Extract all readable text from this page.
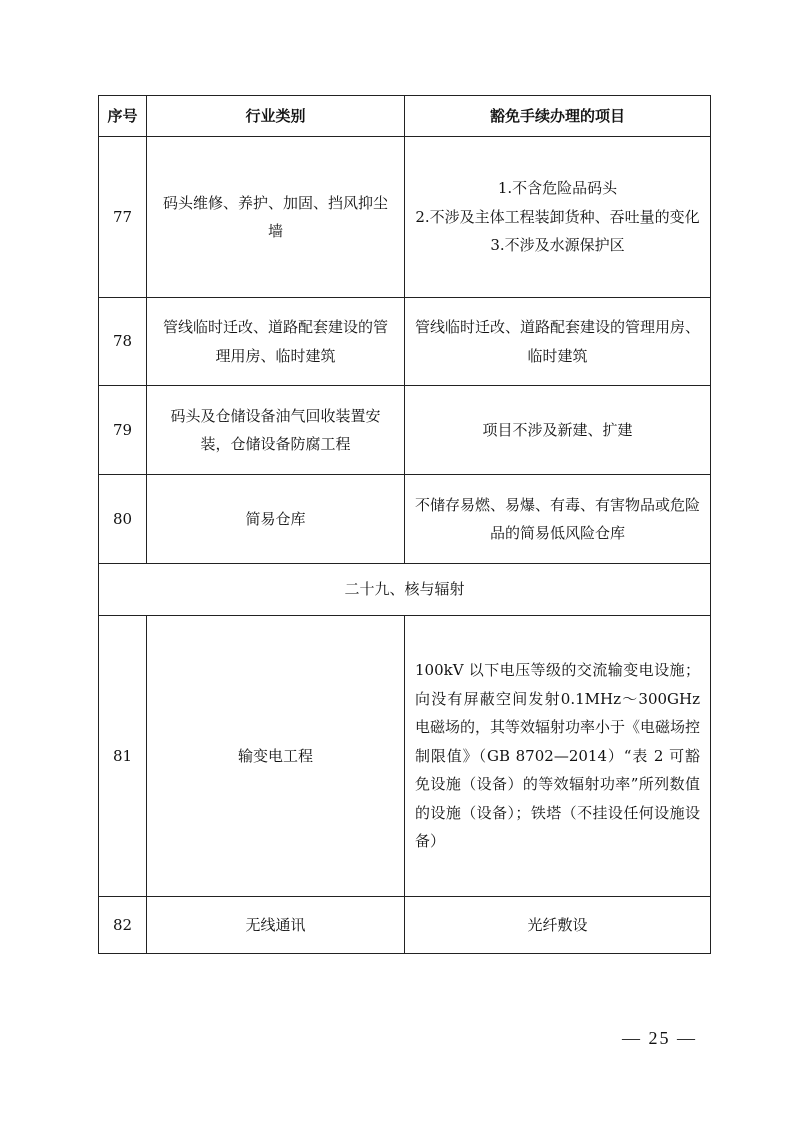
序号	行业类别	豁免手续办理的项目
77	码头维修、养护、加固、挡风抑尘墙	1.不含危险品码头
2.不涉及主体工程装卸货种、吞吐量的变化
3.不涉及水源保护区

78	管线临时迁改、道路配套建设的管理用房、临时建筑	管线临时迁改、道路配套建设的管理用房、临时建筑

79	码头及仓储设备油气回收装置安装，仓储设备防腐工程	项目不涉及新建、扩建

80	简易仓库	不储存易燃、易爆、有毒、有害物品或危险品的简易低风险仓库

二十九、核与辐射		
81	输变电工程	100kV 以下电压等级的交流输变电设施；向没有屏蔽空间发射0.1MHz～300GHz 电磁场的，其等效辐射功率小于《电磁场控制限值》（GB 8702—2014）“表 2 可豁免设施（设备）的等效辐射功率”所列数值的设施（设备）；铁塔（不挂设任何设施设备）

82	无线通讯	光纤敷设
— 25 —
